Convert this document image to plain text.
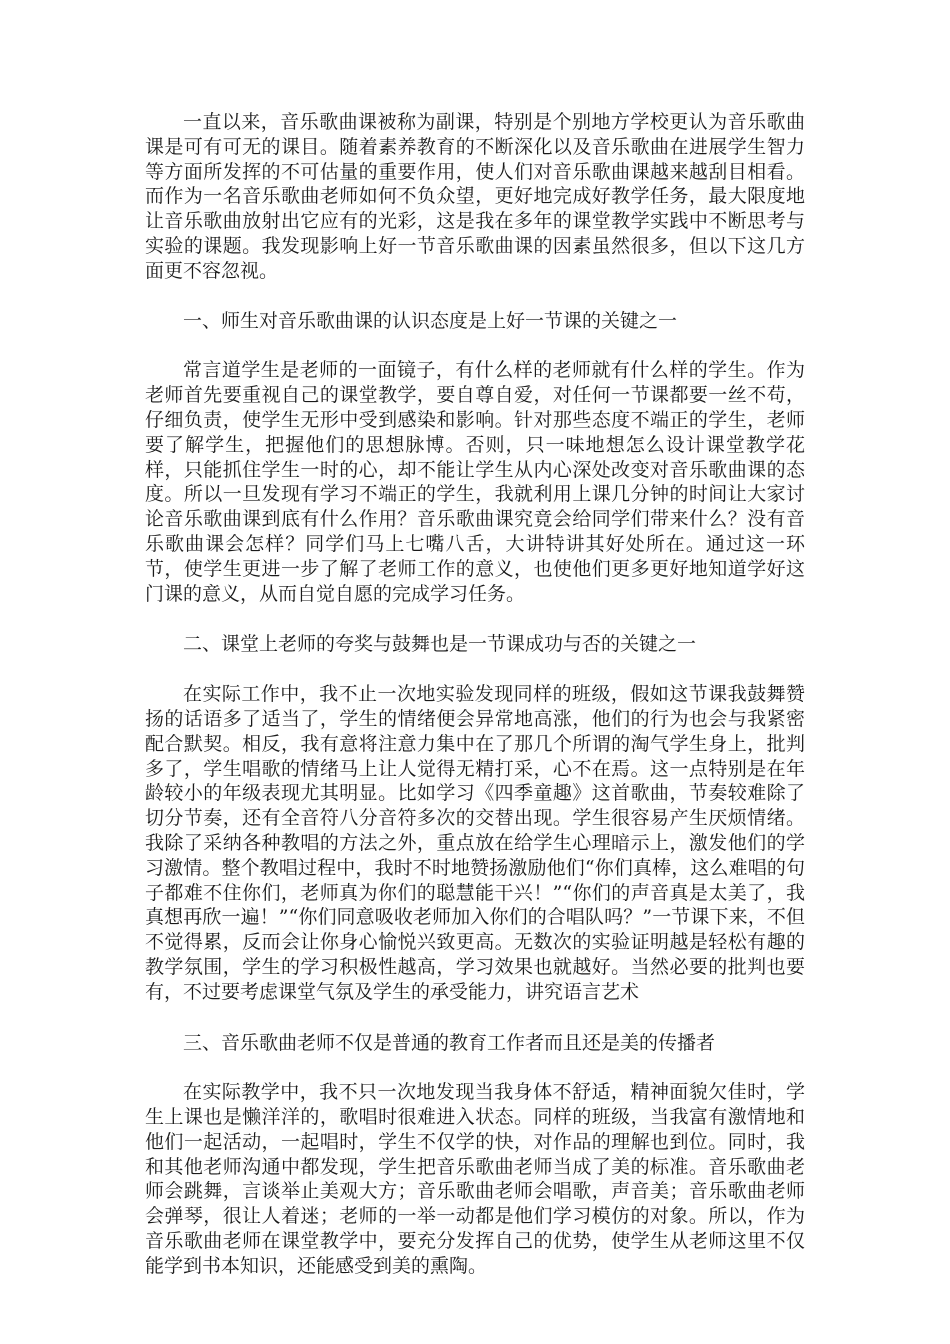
一直以来，音乐歌曲课被称为副课，特别是个别地方学校更认为音乐歌曲课是可有可无的课目。随着素养教育的不断深化以及音乐歌曲在进展学生智力等方面所发挥的不可估量的重要作用，使人们对音乐歌曲课越来越刮目相看。而作为一名音乐歌曲老师如何不负众望，更好地完成好教学任务，最大限度地让音乐歌曲放射出它应有的光彩，这是我在多年的课堂教学实践中不断思考与实验的课题。我发现影响上好一节音乐歌曲课的因素虽然很多，但以下这几方面更不容忽视。

一、师生对音乐歌曲课的认识态度是上好一节课的关键之一

常言道学生是老师的一面镜子，有什么样的老师就有什么样的学生。作为老师首先要重视自己的课堂教学，要自尊自爱，对任何一节课都要一丝不苟，仔细负责，使学生无形中受到感染和影响。针对那些态度不端正的学生，老师要了解学生，把握他们的思想脉博。否则，只一味地想怎么设计课堂教学花样，只能抓住学生一时的心，却不能让学生从内心深处改变对音乐歌曲课的态度。所以一旦发现有学习不端正的学生，我就利用上课几分钟的时间让大家讨论音乐歌曲课到底有什么作用？音乐歌曲课究竟会给同学们带来什么？没有音乐歌曲课会怎样？同学们马上七嘴八舌，大讲特讲其好处所在。通过这一环节，使学生更进一步了解了老师工作的意义，也使他们更多更好地知道学好这门课的意义，从而自觉自愿的完成学习任务。

二、课堂上老师的夸奖与鼓舞也是一节课成功与否的关键之一

在实际工作中，我不止一次地实验发现同样的班级，假如这节课我鼓舞赞扬的话语多了适当了，学生的情绪便会异常地高涨，他们的行为也会与我紧密配合默契。相反，我有意将注意力集中在了那几个所谓的淘气学生身上，批判多了，学生唱歌的情绪马上让人觉得无精打采，心不在焉。这一点特别是在年龄较小的年级表现尤其明显。比如学习《四季童趣》这首歌曲，节奏较难除了切分节奏，还有全音符八分音符多次的交替出现。学生很容易产生厌烦情绪。我除了采纳各种教唱的方法之外，重点放在给学生心理暗示上，激发他们的学习激情。整个教唱过程中，我时不时地赞扬激励他们“你们真棒，这么难唱的句子都难不住你们，老师真为你们的聪慧能干兴！”“你们的声音真是太美了，我真想再欣一遍！”“你们同意吸收老师加入你们的合唱队吗？”一节课下来，不但不觉得累，反而会让你身心愉悦兴致更高。无数次的实验证明越是轻松有趣的教学氛围，学生的学习积极性越高，学习效果也就越好。当然必要的批判也要有，不过要考虑课堂气氛及学生的承受能力，讲究语言艺术

三、音乐歌曲老师不仅是普通的教育工作者而且还是美的传播者

在实际教学中，我不只一次地发现当我身体不舒适，精神面貌欠佳时，学生上课也是懒洋洋的，歌唱时很难进入状态。同样的班级，当我富有激情地和他们一起活动，一起唱时，学生不仅学的快，对作品的理解也到位。同时，我和其他老师沟通中都发现，学生把音乐歌曲老师当成了美的标准。音乐歌曲老师会跳舞，言谈举止美观大方；音乐歌曲老师会唱歌，声音美；音乐歌曲老师会弹琴，很让人着迷；老师的一举一动都是他们学习模仿的对象。所以，作为音乐歌曲老师在课堂教学中，要充分发挥自己的优势，使学生从老师这里不仅能学到书本知识，还能感受到美的熏陶。
